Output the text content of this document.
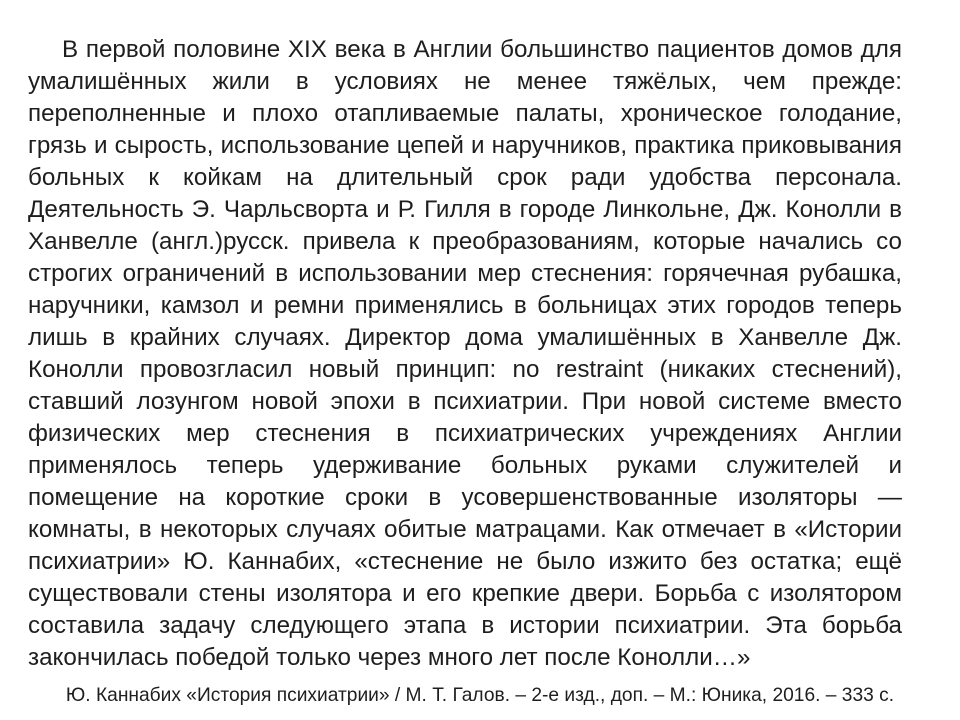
В первой половине XIX века в Англии большинство пациентов домов для умалишённых жили в условиях не менее тяжёлых, чем прежде: переполненные и плохо отапливаемые палаты, хроническое голодание, грязь и сырость, использование цепей и наручников, практика приковывания больных к койкам на длительный срок ради удобства персонала. Деятельность Э. Чарльсворта и Р. Гилля в городе Линкольне, Дж. Конолли в Ханвелле (англ.)русск. привела к преобразованиям, которые начались со строгих ограничений в использовании мер стеснения: горячечная рубашка, наручники, камзол и ремни применялись в больницах этих городов теперь лишь в крайних случаях. Директор дома умалишённых в Ханвелле Дж. Конолли провозгласил новый принцип: no restraint (никаких стеснений), ставший лозунгом новой эпохи в психиатрии. При новой системе вместо физических мер стеснения в психиатрических учреждениях Англии применялось теперь удерживание больных руками служителей и помещение на короткие сроки в усовершенствованные изоляторы — комнаты, в некоторых случаях обитые матрацами. Как отмечает в «Истории психиатрии» Ю. Каннабих, «стеснение не было изжито без остатка; ещё существовали стены изолятора и его крепкие двери. Борьба с изолятором составила задачу следующего этапа в истории психиатрии. Эта борьба закончилась победой только через много лет после Конолли…»

Ю. Каннабих «История психиатрии» / М. Т. Галов. – 2-е изд., доп. – М.: Юника, 2016. – 333 с.
